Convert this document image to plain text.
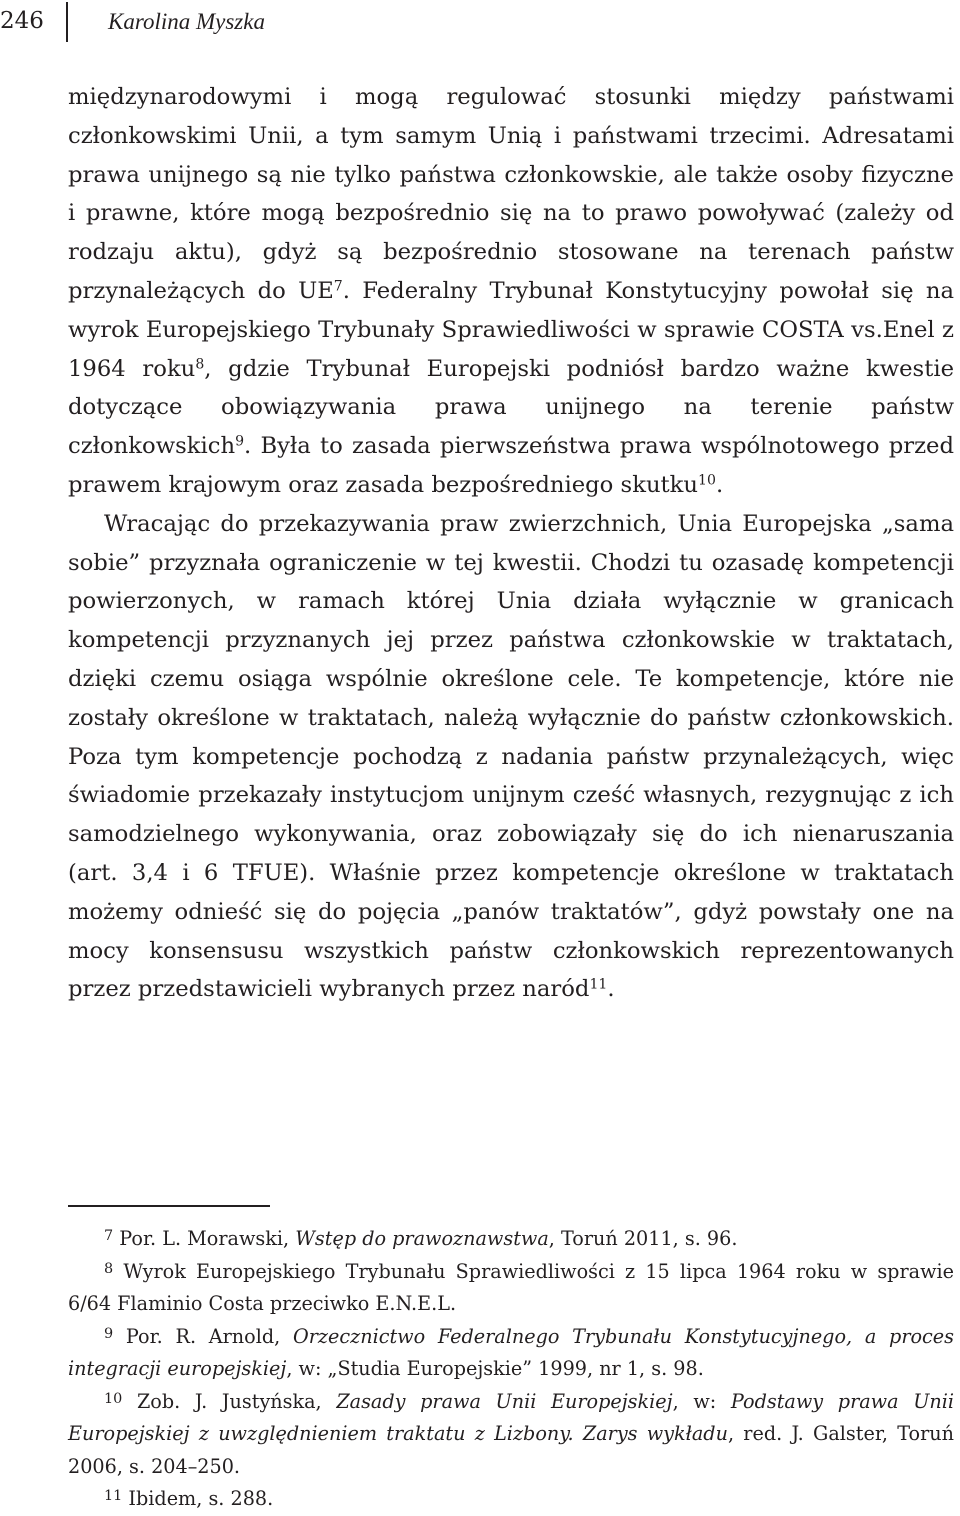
246	Karolina Myszka

międzynarodowymi i mogą regulować stosunki między państwami członkowskimi Unii, a tym samym Unią i państwami trzecimi. Adresatami prawa unijnego są nie tylko państwa członkowskie, ale także osoby fizyczne i prawne, które mogą bezpośrednio się na to prawo powoływać (zależy od rodzaju aktu), gdyż są bezpośrednio stosowane na terenach państw przynależących do $UE^7$. Federalny Trybunał Konstytucyjny powołał się na wyrok Europejskiego Trybunały Sprawiedliwości w sprawie COSTA vs.Enel z 1964 roku$^8$, gdzie Trybunał Europejski podniósł bardzo ważne kwestie dotyczące obowiązywania prawa unijnego na terenie państw członkowskich$^9$. Była to zasada pierwszeństwa prawa wspólnotowego przed prawem krajowym oraz zasada bezpośredniego skutku$^{10}$.

Wracając do przekazywania praw zwierzchnich, Unia Europejska „sama sobie” przyznała ograniczenie w tej kwestii. Chodzi tu ozasadę kompetencji powierzonych, w ramach której Unia działa wyłącznie w granicach kompetencji przyznanych jej przez państwa członkowskie w traktatach, dzięki czemu osiąga wspólnie określone cele. Te kompetencje, które nie zostały określone w traktatach, należą wyłącznie do państw członkowskich. Poza tym kompetencje pochodzą z nadania państw przynależących, więc świadomie przekazały instytucjom unijnym cześć własnych, rezygnując z ich samodzielnego wykonywania, oraz zobowiązały się do ich nienaruszania (art. 3,4 i 6 TFUE). Właśnie przez kompetencje określone w traktatach możemy odnieść się do pojęcia „panów traktatów”, gdyż powstały one na mocy konsensusu wszystkich państw członkowskich reprezentowanych przez przedstawicieli wybranych przez naród$^{11}$.

$^7$ Por. L. Morawski, Wstęp do prawoznawstwa, Toruń 2011, s. 96.

$^8$ Wyrok Europejskiego Trybunału Sprawiedliwości z 15 lipca 1964 roku w sprawie 6/64 Flaminio Costa przeciwko E.N.E.L.

$^9$ Por. R. Arnold, Orzecznictwo Federalnego Trybunału Konstytucyjnego, a proces integracji europejskiej, w: „Studia Europejskie” 1999, nr 1, s. 98.

$^{10}$ Zob. J. Justyńska, Zasady prawa Unii Europejskiej, w: Podstawy prawa Unii Europejskiej z uwzględnieniem traktatu z Lizbony. Zarys wykładu, red. J. Galster, Toruń 2006, s. 204–250.

$^{11}$ Ibidem, s. 288.
